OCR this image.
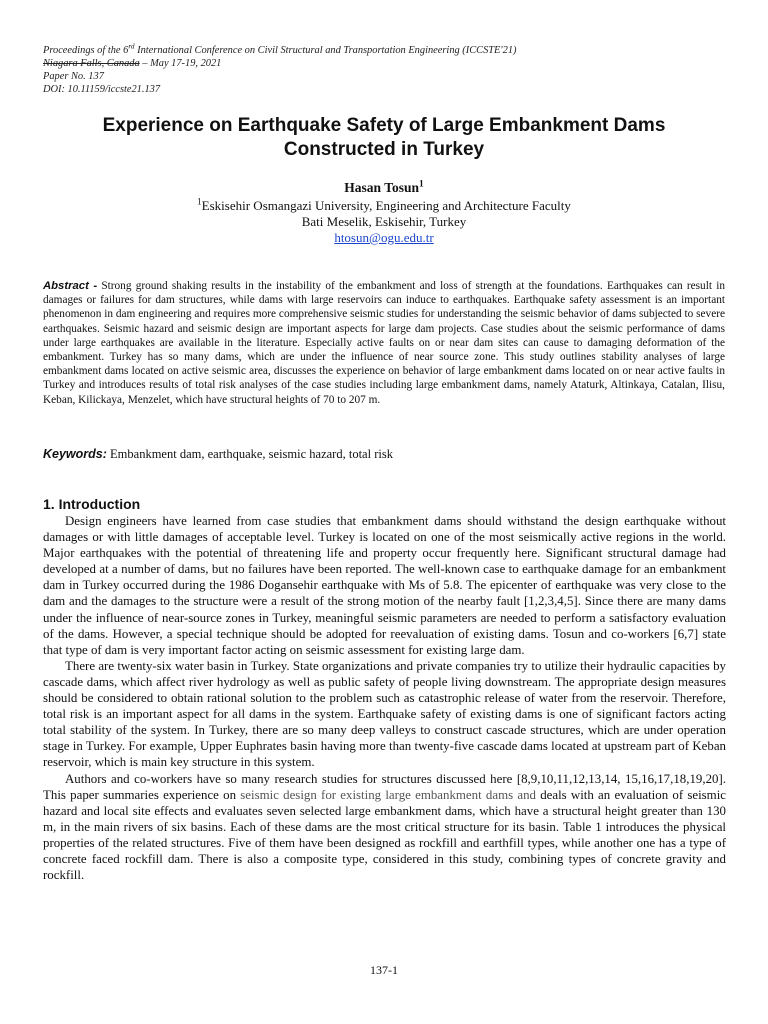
Proceedings of the 6rd International Conference on Civil Structural and Transportation Engineering (ICCSTE'21)
Niagara Falls, Canada – May 17-19, 2021
Paper No. 137
DOI: 10.11159/iccste21.137
Experience on Earthquake Safety of Large Embankment Dams
Constructed in Turkey
Hasan Tosun$^1$
$^1$Eskisehir Osmangazi University, Engineering and Architecture Faculty
Bati Meselik, Eskisehir, Turkey
htosun@ogu.edu.tr
Abstract - Strong ground shaking results in the instability of the embankment and loss of strength at the foundations. Earthquakes can result in damages or failures for dam structures, while dams with large reservoirs can induce to earthquakes. Earthquake safety assessment is an important phenomenon in dam engineering and requires more comprehensive seismic studies for understanding the seismic behavior of dams subjected to severe earthquakes. Seismic hazard and seismic design are important aspects for large dam projects. Case studies about the seismic performance of dams under large earthquakes are available in the literature. Especially active faults on or near dam sites can cause to damaging deformation of the embankment. Turkey has so many dams, which are under the influence of near source zone. This study outlines stability analyses of large embankment dams located on active seismic area, discusses the experience on behavior of large embankment dams located on or near active faults in Turkey and introduces results of total risk analyses of the case studies including large embankment dams, namely Ataturk, Altinkaya, Catalan, Ilisu, Keban, Kilickaya, Menzelet, which have structural heights of 70 to 207 m.
Keywords: Embankment dam, earthquake, seismic hazard, total risk
1. Introduction

Design engineers have learned from case studies that embankment dams should withstand the design earthquake without damages or with little damages of acceptable level. Turkey is located on one of the most seismically active regions in the world. Major earthquakes with the potential of threatening life and property occur frequently here. Significant structural damage had developed at a number of dams, but no failures have been reported. The well-known case to earthquake damage for an embankment dam in Turkey occurred during the 1986 Dogansehir earthquake with Ms of 5.8. The epicenter of earthquake was very close to the dam and the damages to the structure were a result of the strong motion of the nearby fault [1,2,3,4,5]. Since there are many dams under the influence of near-source zones in Turkey, meaningful seismic parameters are needed to perform a satisfactory evaluation of the dams. However, a special technique should be adopted for reevaluation of existing dams. Tosun and co-workers [6,7] state that type of dam is very important factor acting on seismic assessment for existing large dam.

There are twenty-six water basin in Turkey. State organizations and private companies try to utilize their hydraulic capacities by cascade dams, which affect river hydrology as well as public safety of people living downstream. The appropriate design measures should be considered to obtain rational solution to the problem such as catastrophic release of water from the reservoir. Therefore, total risk is an important aspect for all dams in the system. Earthquake safety of existing dams is one of significant factors acting total stability of the system. In Turkey, there are so many deep valleys to construct cascade structures, which are under operation stage in Turkey. For example, Upper Euphrates basin having more than twenty-five cascade dams located at upstream part of Keban reservoir, which is main key structure in this system.

Authors and co-workers have so many research studies for structures discussed here [8,9,10,11,12,13,14, 15,16,17,18,19,20]. This paper summaries experience on seismic design for existing large embankment dams and deals with an evaluation of seismic hazard and local site effects and evaluates seven selected large embankment dams, which have a structural height greater than 130 m, in the main rivers of six basins. Each of these dams are the most critical structure for its basin. Table 1 introduces the physical properties of the related structures. Five of them have been designed as rockfill and earthfill types, while another one has a type of concrete faced rockfill dam. There is also a composite type, considered in this study, combining types of concrete gravity and rockfill.

137-1
